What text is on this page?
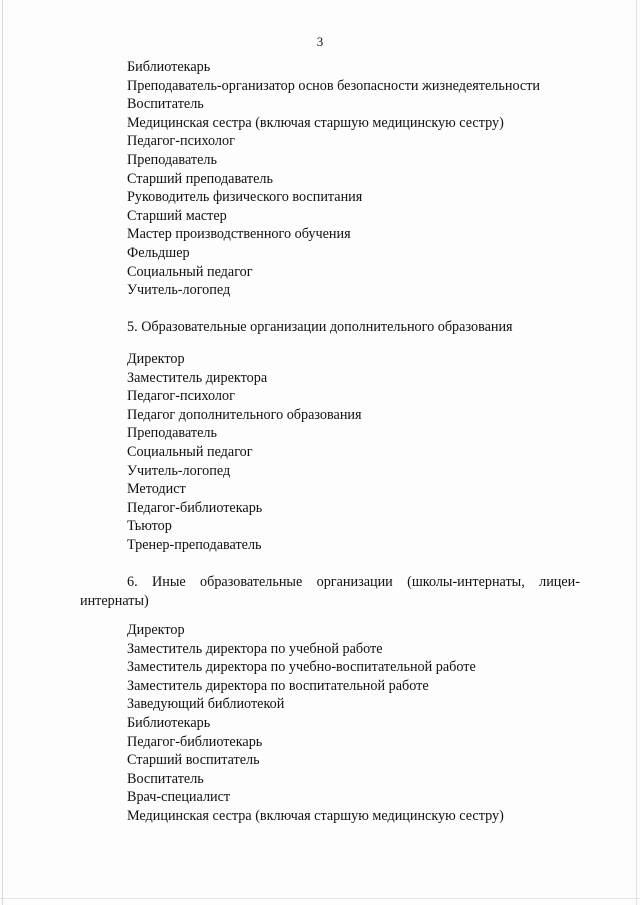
3
Библиотекарь
Преподаватель-организатор основ безопасности жизнедеятельности
Воспитатель
Медицинская сестра (включая старшую медицинскую сестру)
Педагог-психолог
Преподаватель
Старший преподаватель
Руководитель физического воспитания
Старший мастер
Мастер производственного обучения
Фельдшер
Социальный педагог
Учитель-логопед
5. Образовательные организации дополнительного образования
Директор
Заместитель директора
Педагог-психолог
Педагог дополнительного образования
Преподаватель
Социальный педагог
Учитель-логопед
Методист
Педагог-библиотекарь
Тьютор
Тренер-преподаватель
6. Иные образовательные организации (школы-интернаты, лицеи-
интернаты)
Директор
Заместитель директора по учебной работе
Заместитель директора по учебно-воспитательной работе
Заместитель директора по воспитательной работе
Заведующий библиотекой
Библиотекарь
Педагог-библиотекарь
Старший воспитатель
Воспитатель
Врач-специалист
Медицинская сестра (включая старшую медицинскую сестру)
